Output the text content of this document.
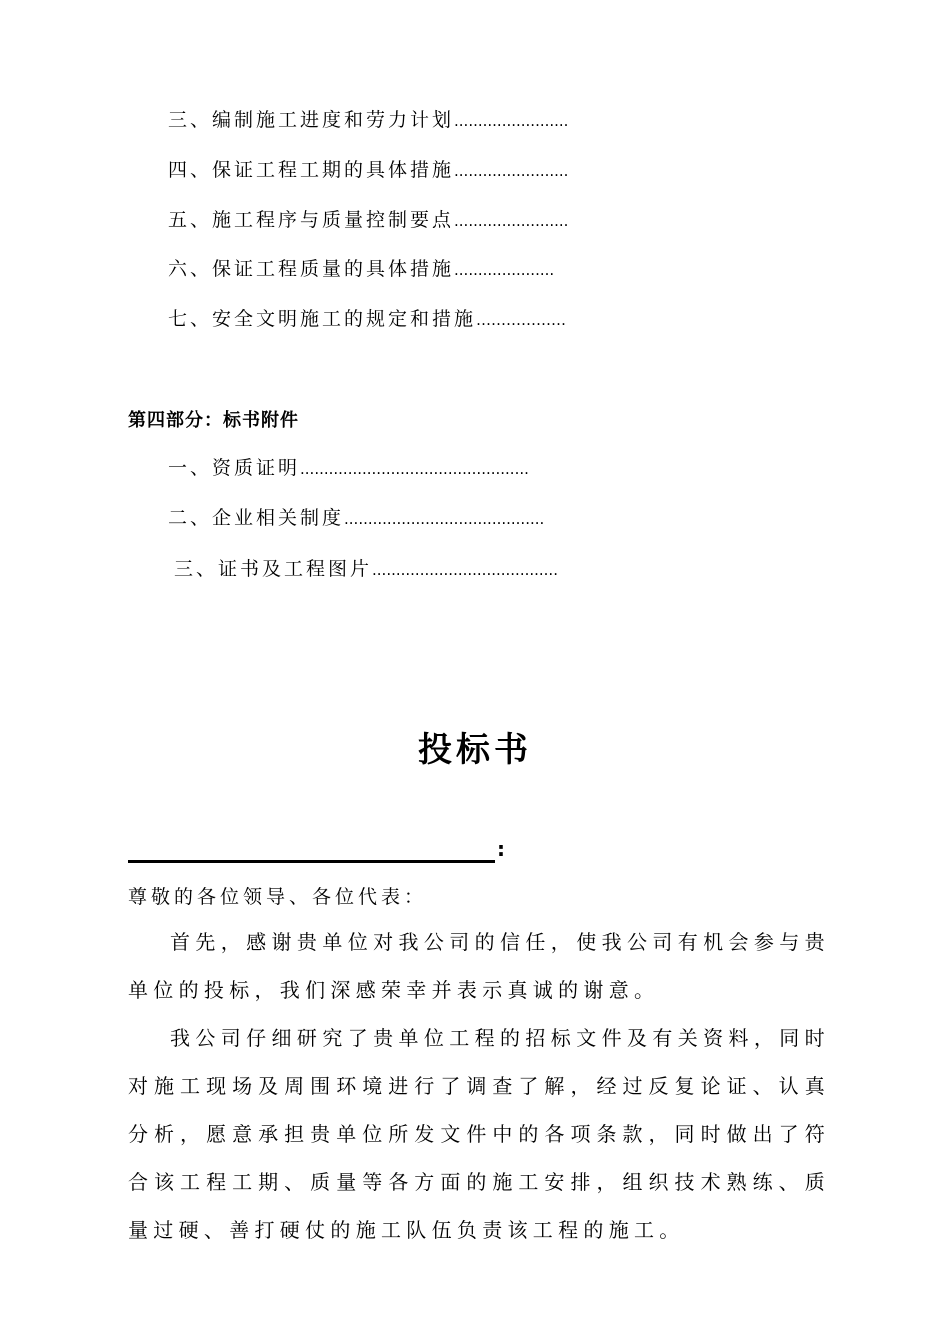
三、编制施工进度和劳力计划........................
四、保证工程工期的具体措施........................
五、施工程序与质量控制要点........................
六、保证工程质量的具体措施.....................
七、安全文明施工的规定和措施………………
第四部分：标书附件
一、资质证明................................................
二、企业相关制度..........................................
三、证书及工程图片.......................................
投标书
:
尊敬的各位领导、各位代表：

首先，感谢贵单位对我公司的信任，使我公司有机会参与贵单位的投标，我们深感荣幸并表示真诚的谢意。

我公司仔细研究了贵单位工程的招标文件及有关资料，同时对施工现场及周围环境进行了调查了解，经过反复论证、认真分析，愿意承担贵单位所发文件中的各项条款，同时做出了符合该工程工期、质量等各方面的施工安排，组织技术熟练、质量过硬、善打硬仗的施工队伍负责该工程的施工。
